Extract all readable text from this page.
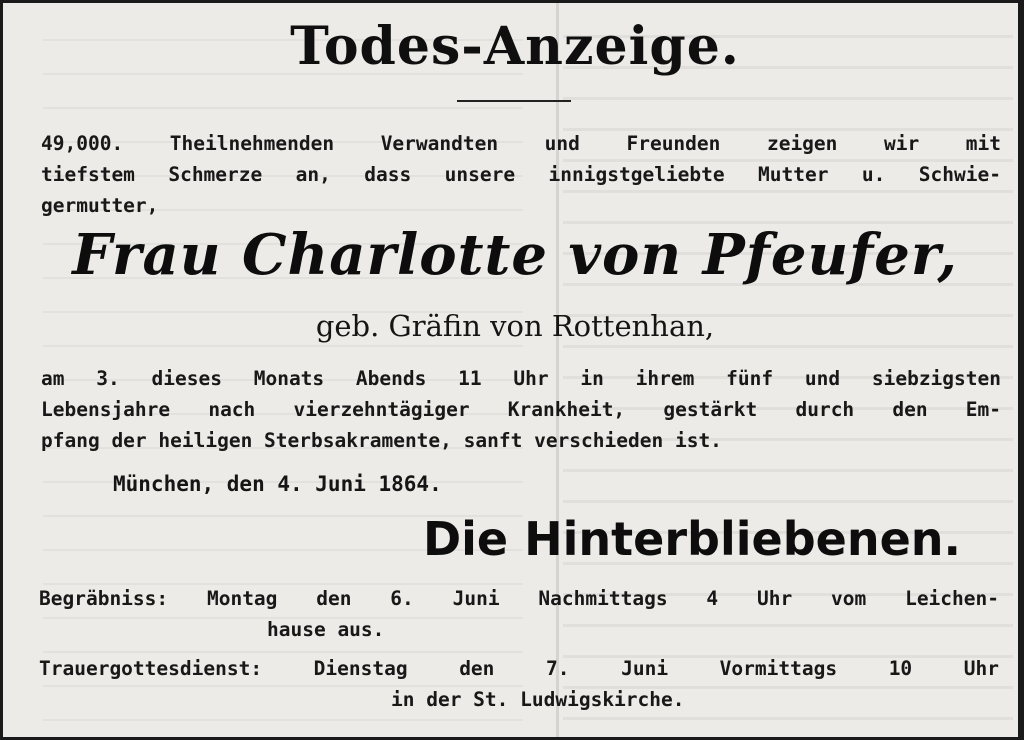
Todes-Anzeige.
49,000. Theilnehmenden Verwandten und Freunden zeigen wir mit
tiefstem Schmerze an, dass unsere innigstgeliebte Mutter u. Schwie-
germutter,
Frau Charlotte von Pfeufer,
geb. Gräfin von Rottenhan,
am 3. dieses Monats Abends 11 Uhr in ihrem fünf und siebzigsten
Lebensjahre nach vierzehntägiger Krankheit, gestärkt durch den Em-
pfang der heiligen Sterbsakramente, sanft verschieden ist.
München, den 4. Juni 1864.
Die Hinterbliebenen.
Begräbniss: Montag den 6. Juni Nachmittags 4 Uhr vom Leichen-
hause aus.
Trauergottesdienst: Dienstag den 7. Juni Vormittags 10 Uhr
in der St. Ludwigskirche.
